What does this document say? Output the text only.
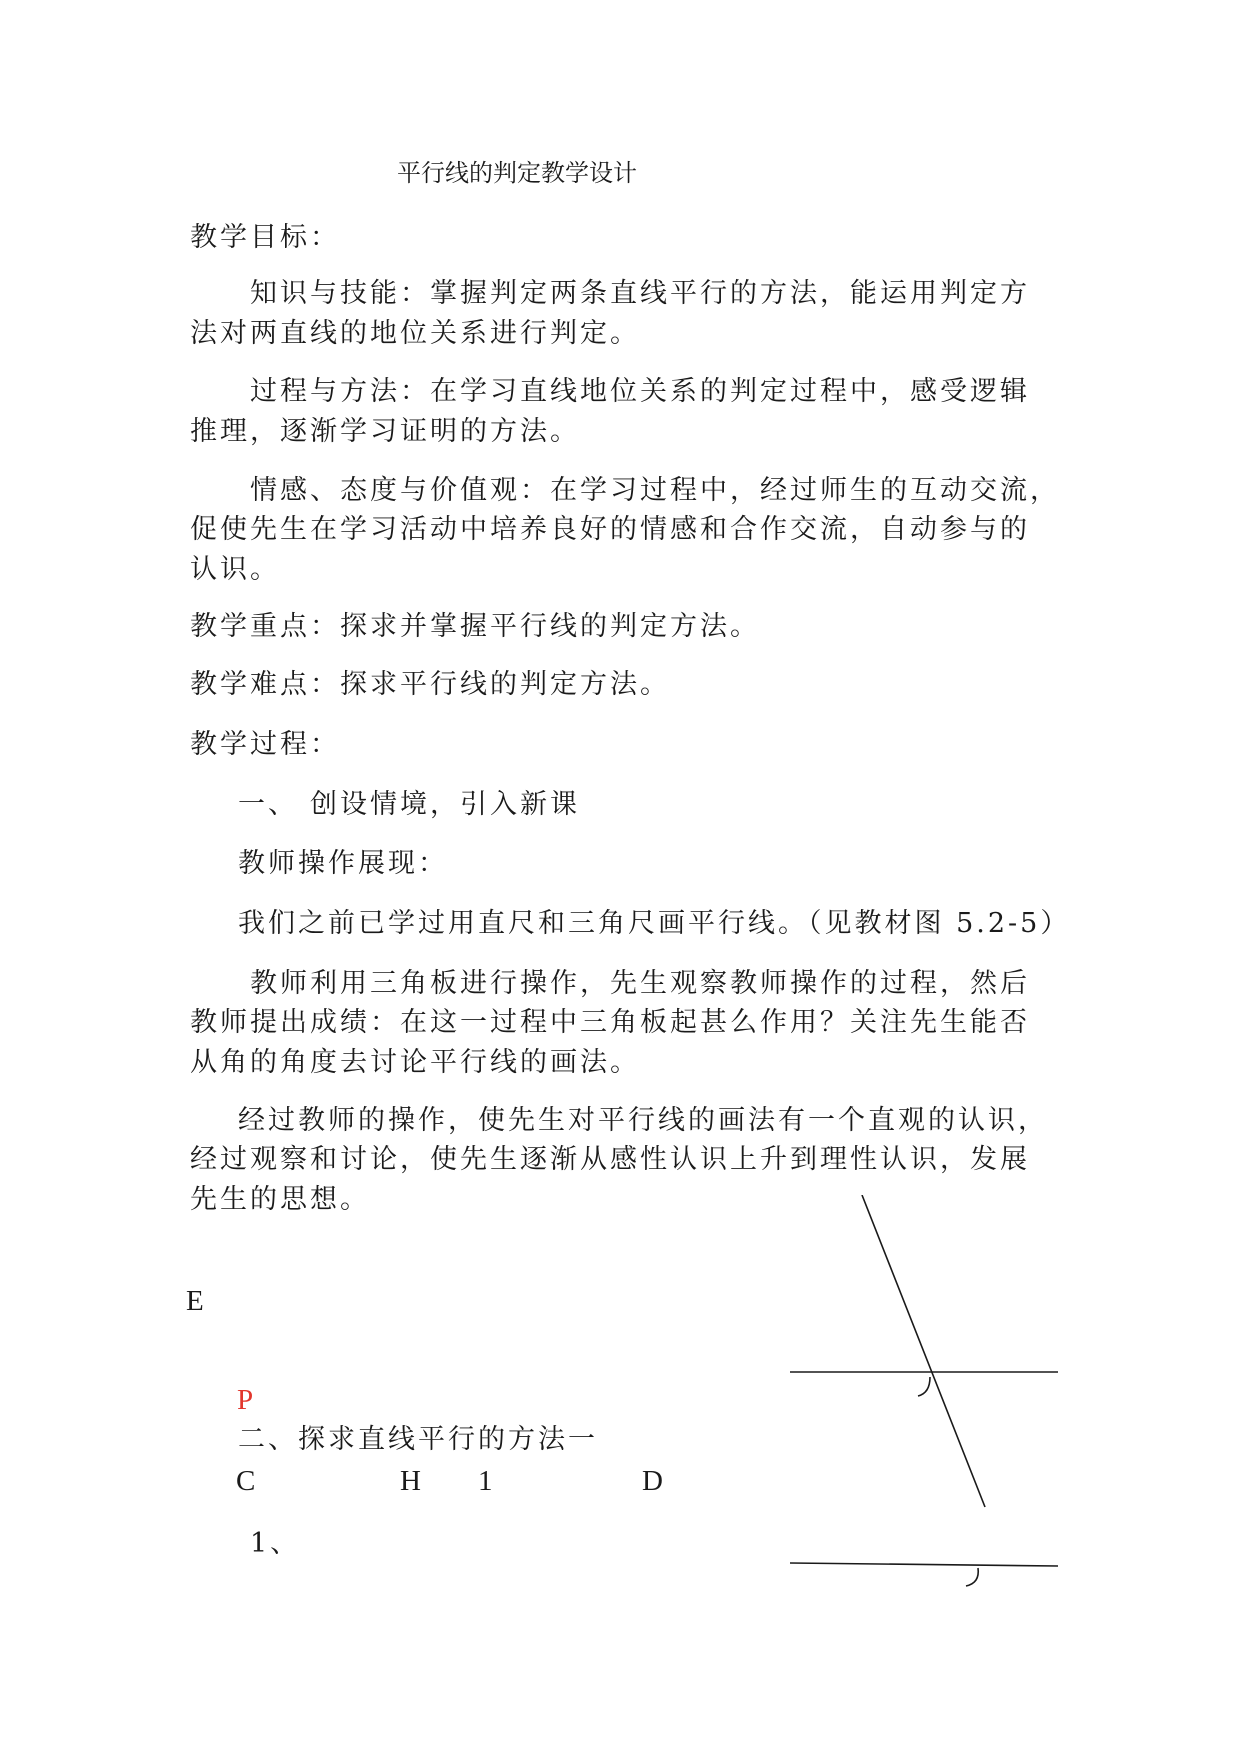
平行线的判定教学设计
教学目标：
知识与技能：掌握判定两条直线平行的方法，能运用判定方
法对两直线的地位关系进行判定。
过程与方法：在学习直线地位关系的判定过程中，感受逻辑
推理，逐渐学习证明的方法。
情感、态度与价值观：在学习过程中，经过师生的互动交流，
促使先生在学习活动中培养良好的情感和合作交流，自动参与的
认识。
教学重点：探求并掌握平行线的判定方法。
教学难点：探求平行线的判定方法。
教学过程：
一、 创设情境，引入新课
教师操作展现：
我们之前已学过用直尺和三角尺画平行线。（见教材图 5.2-5）
教师利用三角板进行操作，先生观察教师操作的过程，然后
教师提出成绩：在这一过程中三角板起甚么作用？关注先生能否
从角的角度去讨论平行线的画法。
经过教师的操作，使先生对平行线的画法有一个直观的认识，
经过观察和讨论，使先生逐渐从感性认识上升到理性认识，发展
先生的思想。
E
P
二、探求直线平行的方法一
C	H 1	D
1、
